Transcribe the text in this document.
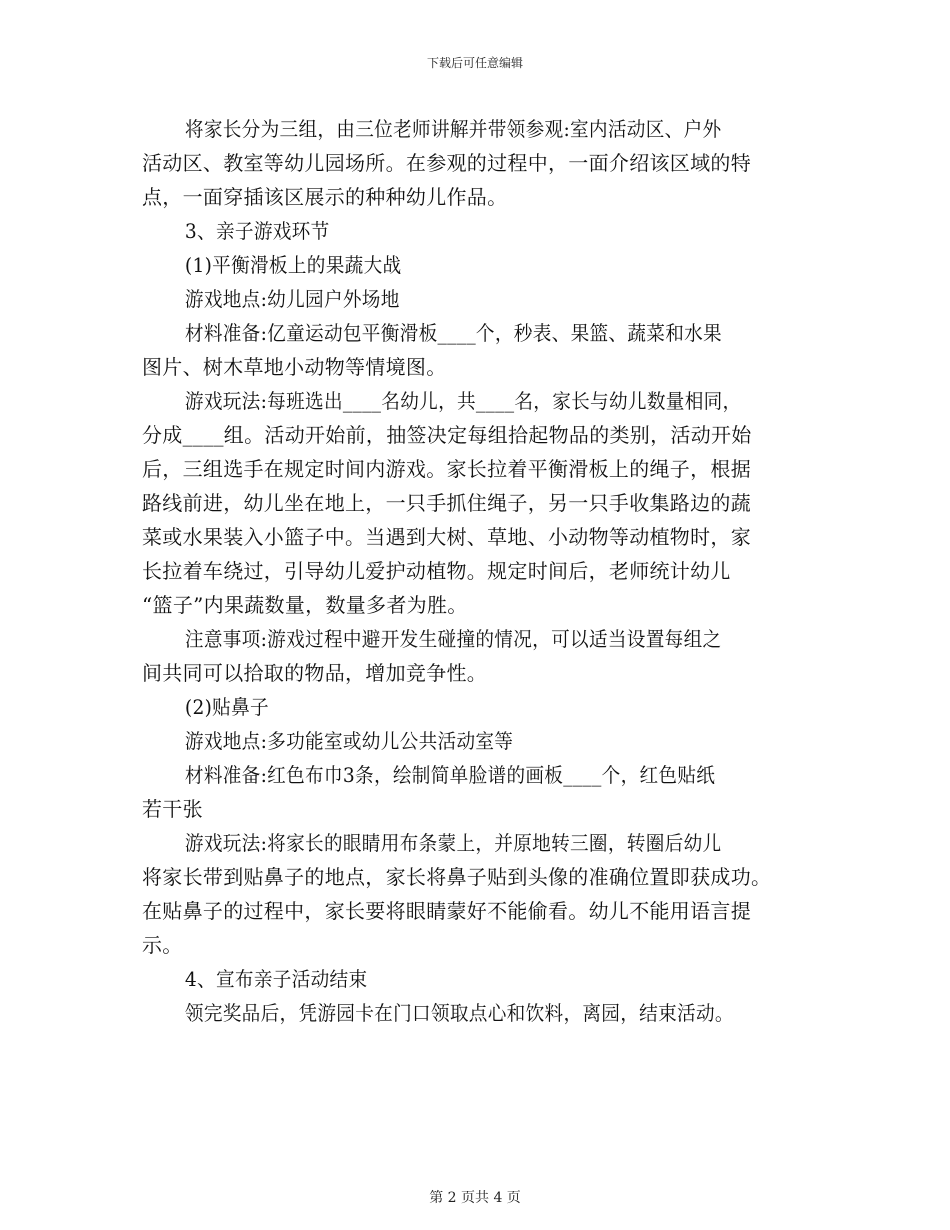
下载后可任意编辑
将家长分为三组，由三位老师讲解并带领参观:室内活动区、户外
活动区、教室等幼儿园场所。在参观的过程中，一面介绍该区域的特
点，一面穿插该区展示的种种幼儿作品。
3、亲子游戏环节
(1)平衡滑板上的果蔬大战
游戏地点:幼儿园户外场地
材料准备:亿童运动包平衡滑板____个，秒表、果篮、蔬菜和水果
图片、树木草地小动物等情境图。
游戏玩法:每班选出____名幼儿，共____名，家长与幼儿数量相同，
分成____组。活动开始前，抽签决定每组拾起物品的类别，活动开始
后，三组选手在规定时间内游戏。家长拉着平衡滑板上的绳子，根据
路线前进，幼儿坐在地上，一只手抓住绳子，另一只手收集路边的蔬
菜或水果装入小篮子中。当遇到大树、草地、小动物等动植物时，家
长拉着车绕过，引导幼儿爱护动植物。规定时间后，老师统计幼儿
“篮子”内果蔬数量，数量多者为胜。
注意事项:游戏过程中避开发生碰撞的情况，可以适当设置每组之
间共同可以拾取的物品，增加竞争性。
(2)贴鼻子
游戏地点:多功能室或幼儿公共活动室等
材料准备:红色布巾3条，绘制简单脸谱的画板____个，红色贴纸
若干张
游戏玩法:将家长的眼睛用布条蒙上，并原地转三圈，转圈后幼儿
将家长带到贴鼻子的地点，家长将鼻子贴到头像的准确位置即获成功。
在贴鼻子的过程中，家长要将眼睛蒙好不能偷看。幼儿不能用语言提
示。
4、宣布亲子活动结束
领完奖品后，凭游园卡在门口领取点心和饮料，离园，结束活动。
第 2 页共 4 页
